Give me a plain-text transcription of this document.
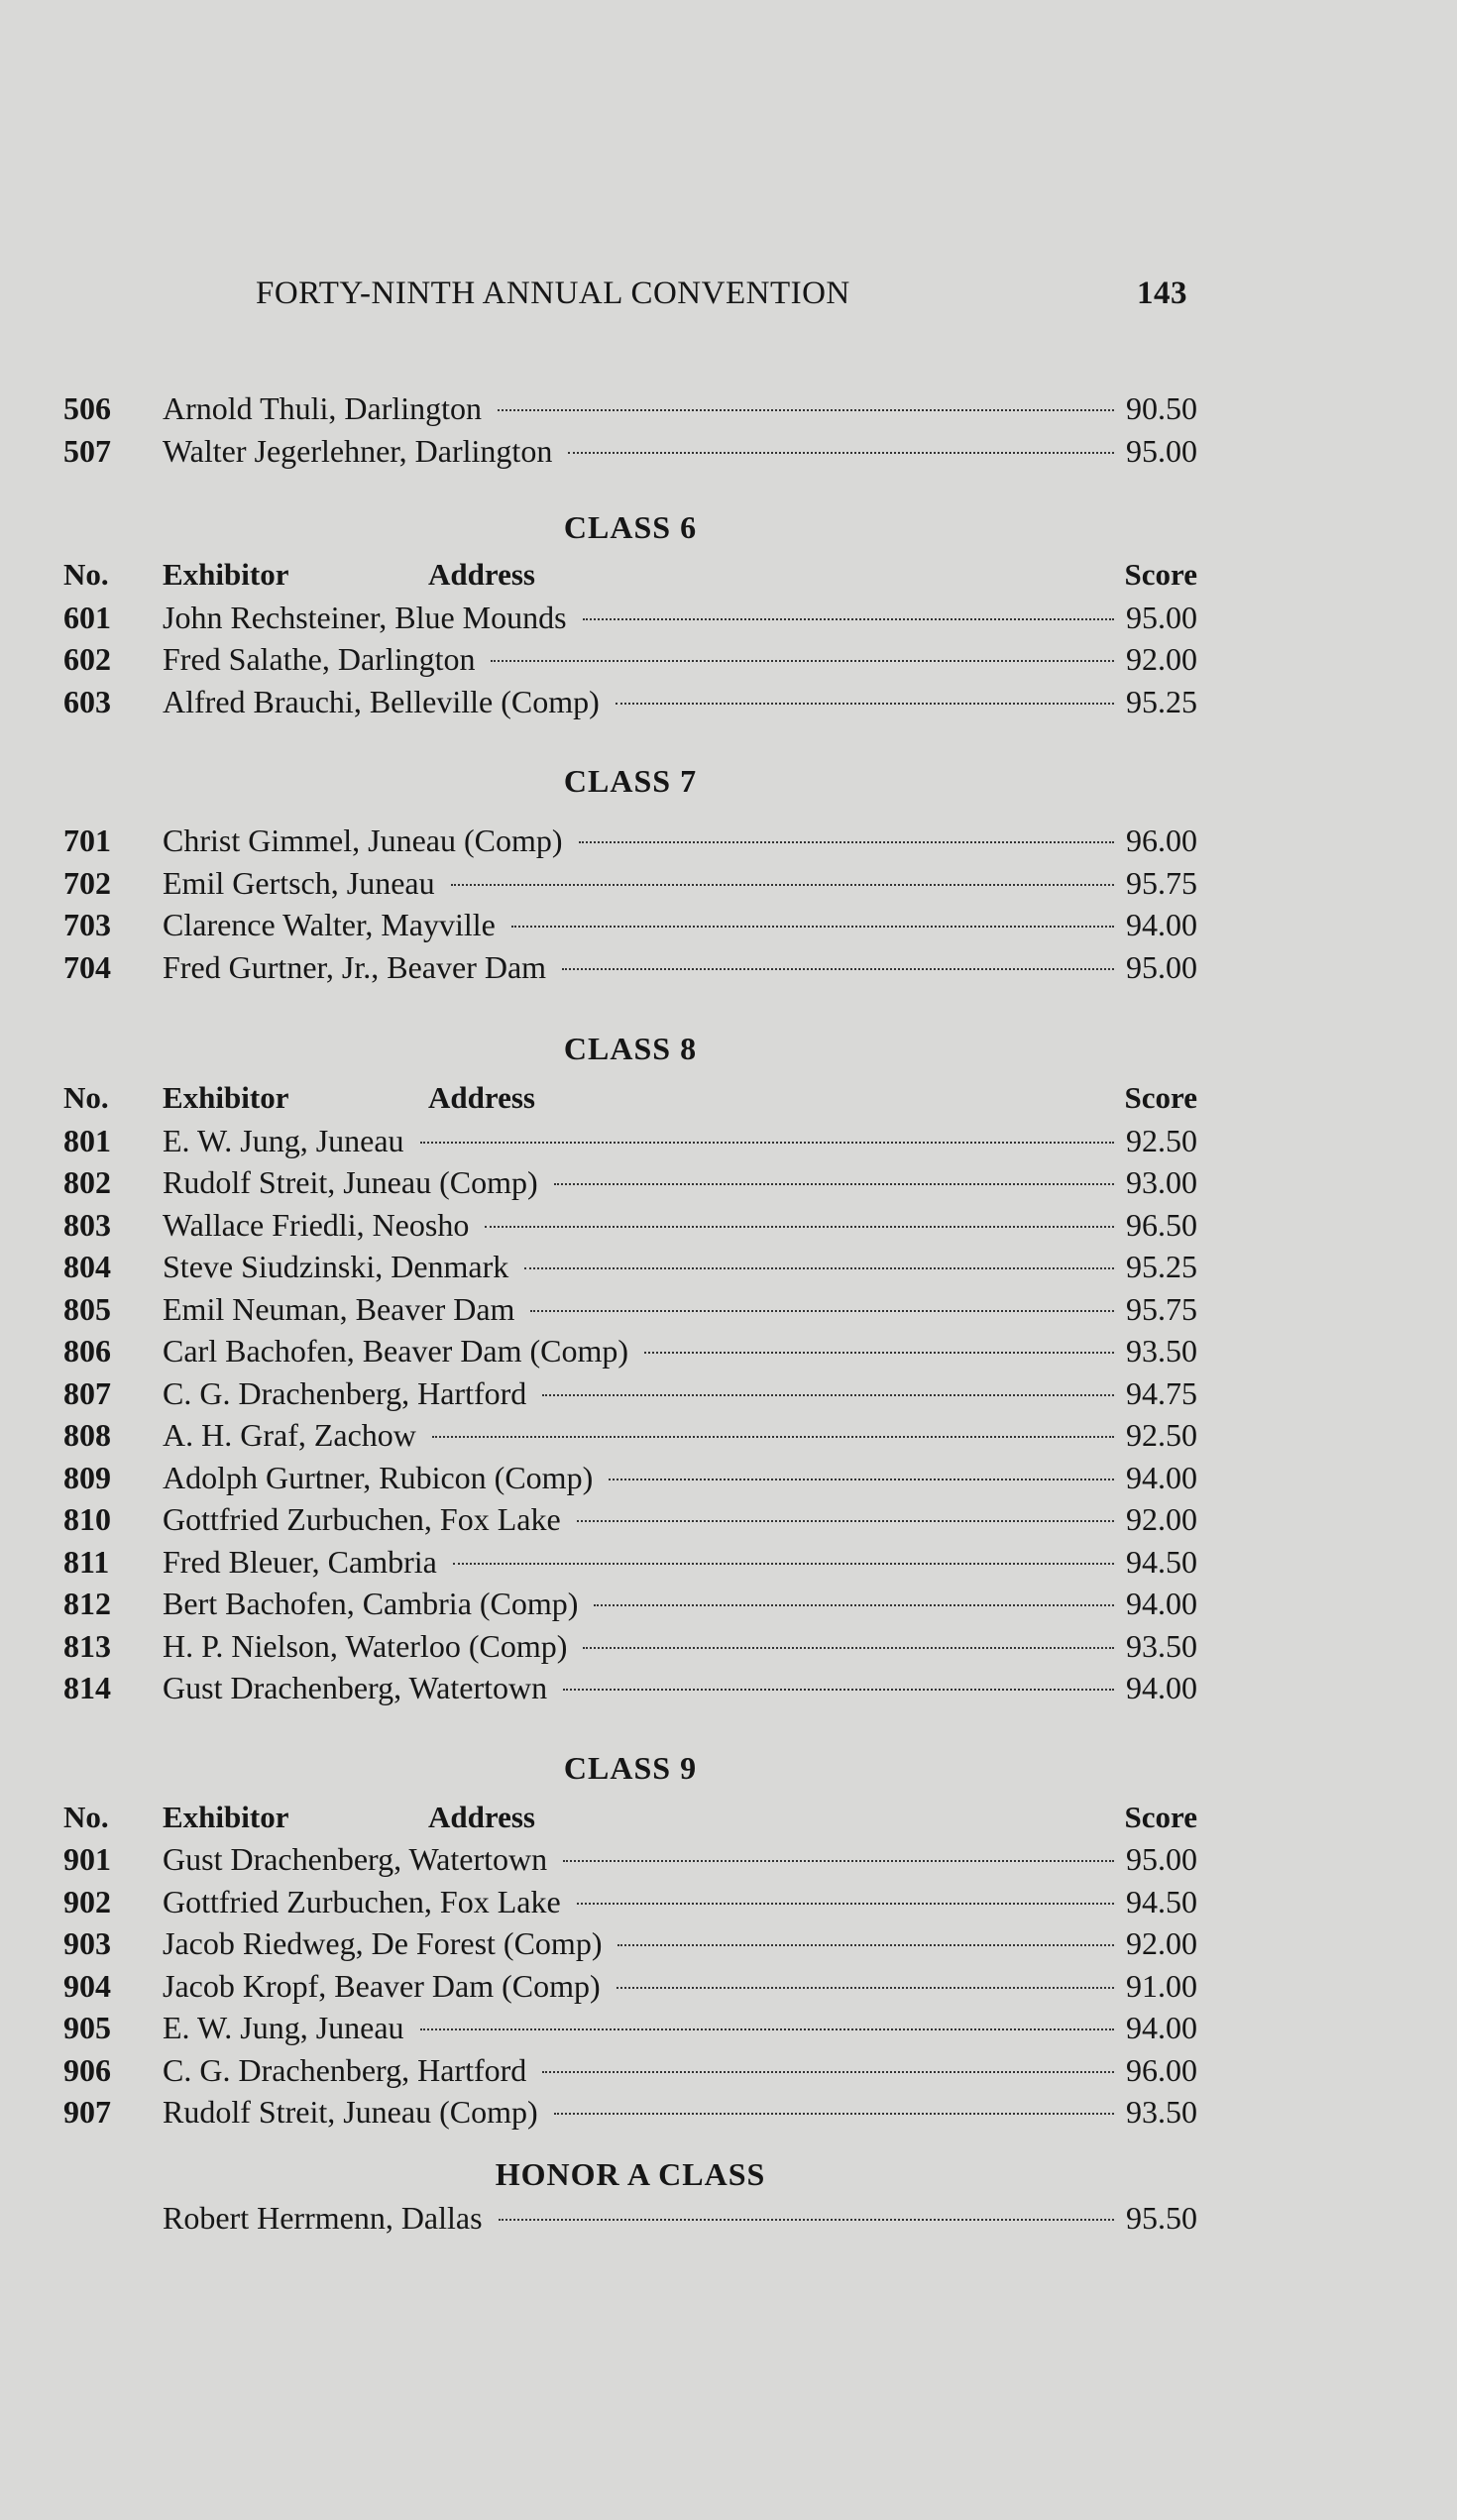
FORTY-NINTH ANNUAL CONVENTION	143
506	Arnold Thuli, Darlington	90.50
507	Walter Jegerlehner, Darlington	95.00
CLASS 6
No.	Exhibitor	Address	Score
601	John Rechsteiner, Blue Mounds	95.00
602	Fred Salathe, Darlington	92.00
603	Alfred Brauchi, Belleville (Comp)	95.25
CLASS 7
701	Christ Gimmel, Juneau (Comp)	96.00
702	Emil Gertsch, Juneau	95.75
703	Clarence Walter, Mayville	94.00
704	Fred Gurtner, Jr., Beaver Dam	95.00
CLASS 8
No.	Exhibitor	Address	Score
801	E. W. Jung, Juneau	92.50
802	Rudolf Streit, Juneau (Comp)	93.00
803	Wallace Friedli, Neosho	96.50
804	Steve Siudzinski, Denmark	95.25
805	Emil Neuman, Beaver Dam	95.75
806	Carl Bachofen, Beaver Dam (Comp)	93.50
807	C. G. Drachenberg, Hartford	94.75
808	A. H. Graf, Zachow	92.50
809	Adolph Gurtner, Rubicon (Comp)	94.00
810	Gottfried Zurbuchen, Fox Lake	92.00
811	Fred Bleuer, Cambria	94.50
812	Bert Bachofen, Cambria (Comp)	94.00
813	H. P. Nielson, Waterloo (Comp)	93.50
814	Gust Drachenberg, Watertown	94.00
CLASS 9
No.	Exhibitor	Address	Score
901	Gust Drachenberg, Watertown	95.00
902	Gottfried Zurbuchen, Fox Lake	94.50
903	Jacob Riedweg, De Forest (Comp)	92.00
904	Jacob Kropf, Beaver Dam (Comp)	91.00
905	E. W. Jung, Juneau	94.00
906	C. G. Drachenberg, Hartford	96.00
907	Rudolf Streit, Juneau (Comp)	93.50
HONOR A CLASS
Robert Herrmenn, Dallas	95.50
